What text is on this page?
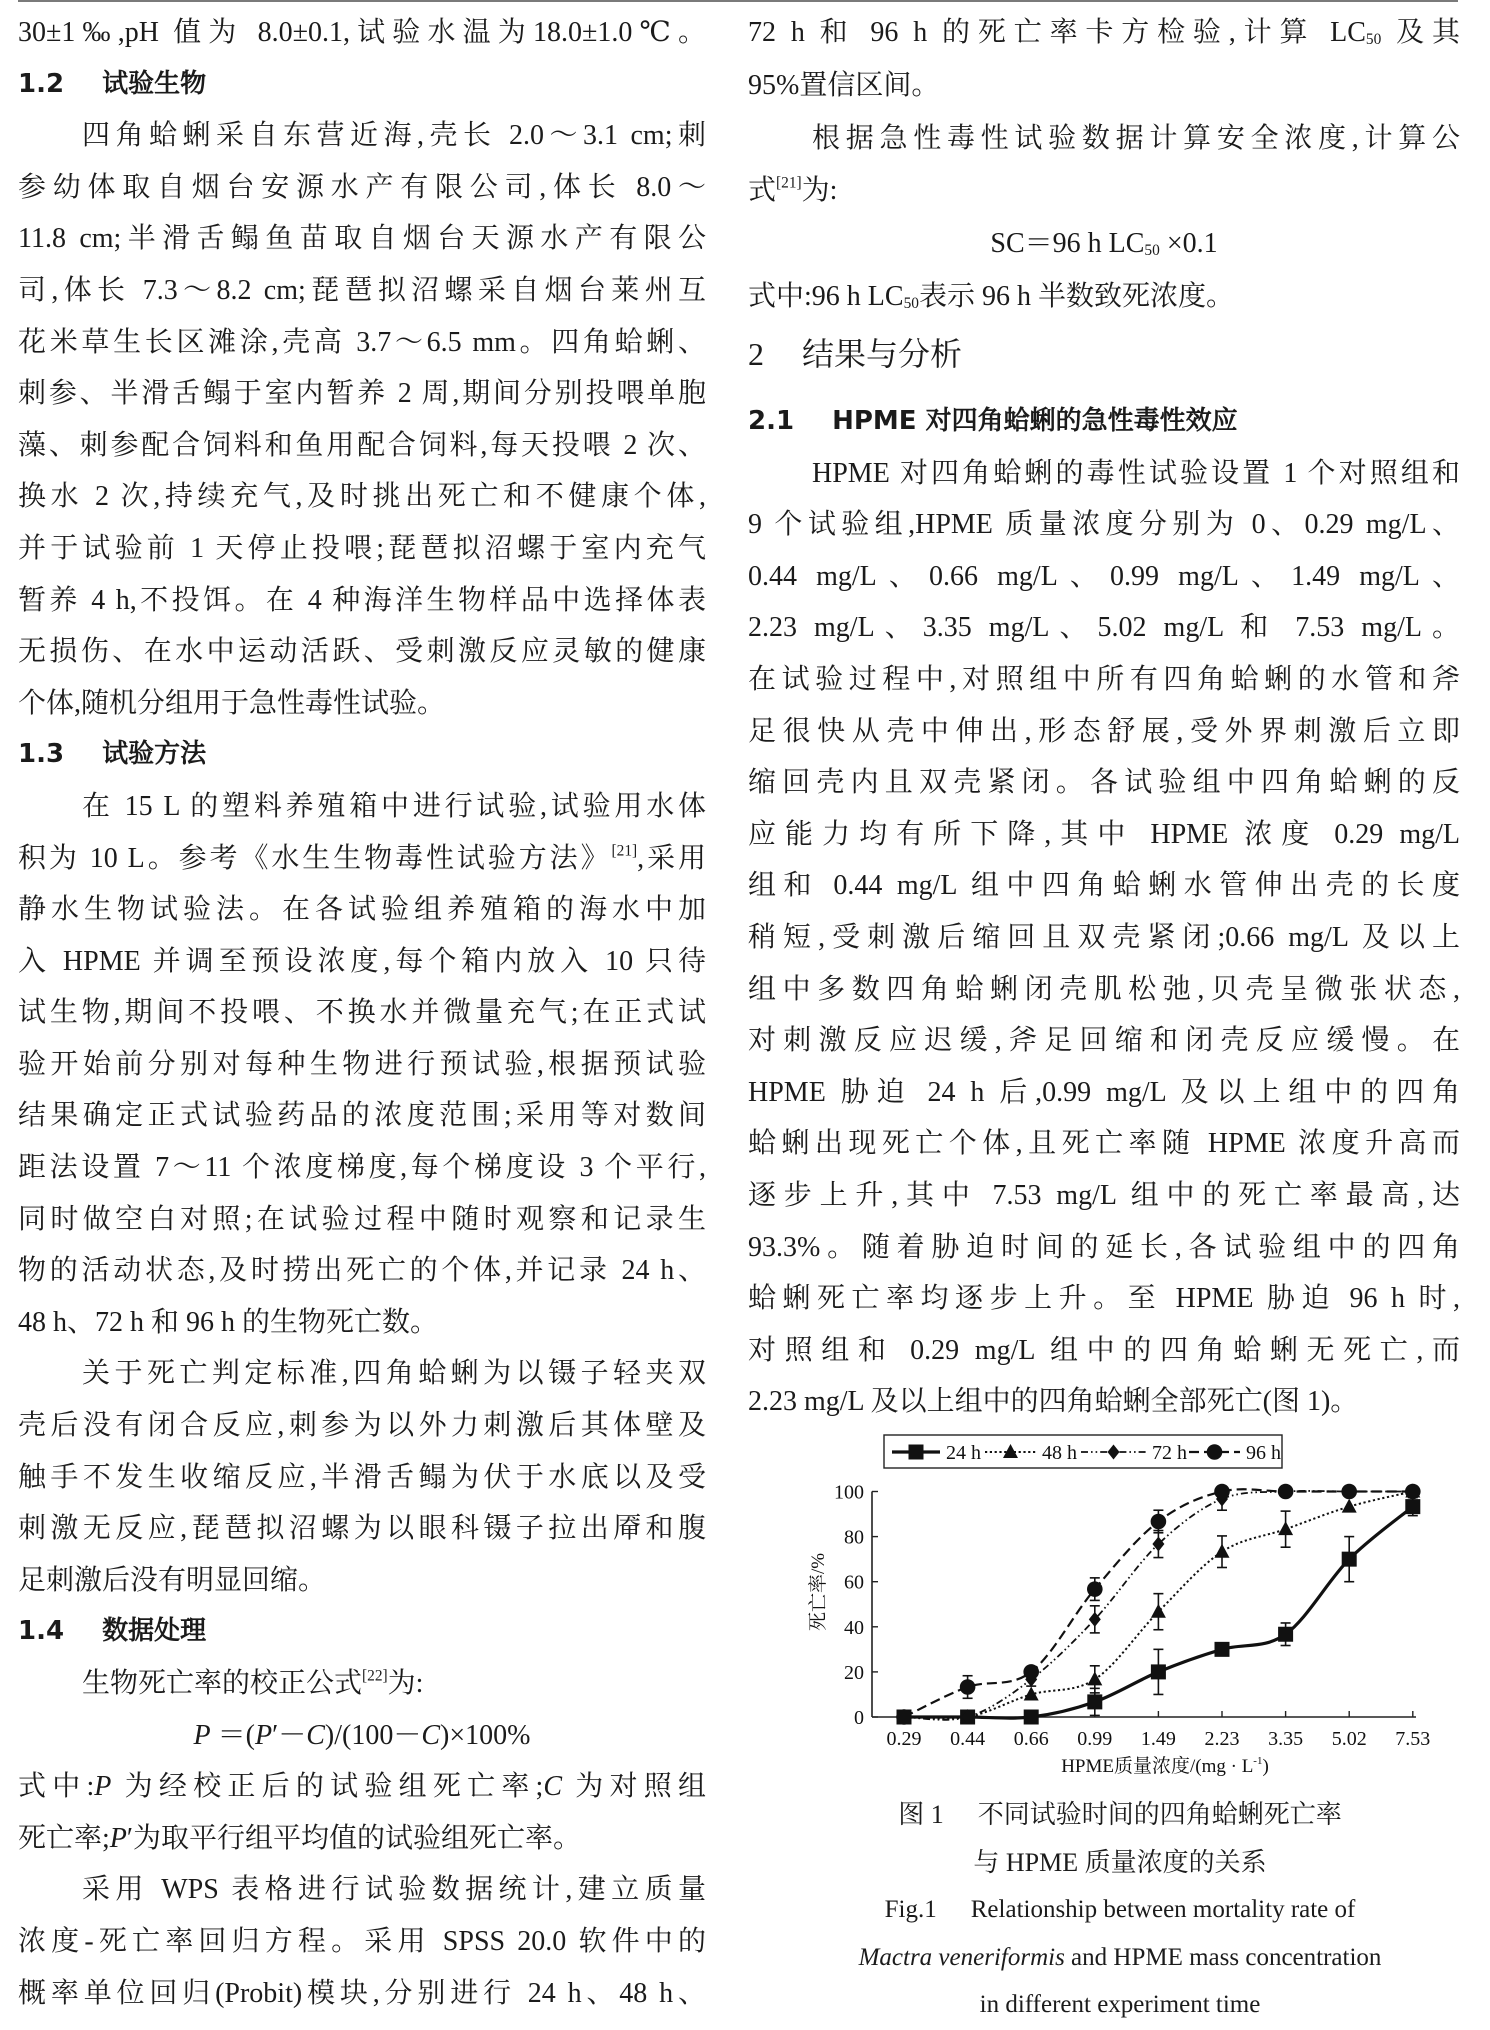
30±1‰,pH 值为 8.0±0.1,试验水温为18.0±1.0℃。
1.2 试验生物
四角蛤蜊采自东营近海,壳长 2.0～3.1 cm;刺
参幼体取自烟台安源水产有限公司,体长 8.0～
11.8 cm;半滑舌鳎鱼苗取自烟台天源水产有限公
司,体长 7.3～8.2 cm;琵琶拟沼螺采自烟台莱州互
花米草生长区滩涂,壳高 3.7～6.5 mm。四角蛤蜊、
刺参、半滑舌鳎于室内暂养 2 周,期间分别投喂单胞
藻、刺参配合饲料和鱼用配合饲料,每天投喂 2 次、
换水 2 次,持续充气,及时挑出死亡和不健康个体,
并于试验前 1 天停止投喂;琵琶拟沼螺于室内充气
暂养 4 h,不投饵。在 4 种海洋生物样品中选择体表
无损伤、在水中运动活跃、受刺激反应灵敏的健康
个体,随机分组用于急性毒性试验。
1.3 试验方法
在 15 L 的塑料养殖箱中进行试验,试验用水体
积为 10 L。参考《水生生物毒性试验方法》[21],采用
静水生物试验法。在各试验组养殖箱的海水中加
入 HPME 并调至预设浓度,每个箱内放入 10 只待
试生物,期间不投喂、不换水并微量充气;在正式试
验开始前分别对每种生物进行预试验,根据预试验
结果确定正式试验药品的浓度范围;采用等对数间
距法设置 7～11 个浓度梯度,每个梯度设 3 个平行,
同时做空白对照;在试验过程中随时观察和记录生
物的活动状态,及时捞出死亡的个体,并记录 24 h、
48 h、72 h 和 96 h 的生物死亡数。
关于死亡判定标准,四角蛤蜊为以镊子轻夹双
壳后没有闭合反应,刺参为以外力刺激后其体壁及
触手不发生收缩反应,半滑舌鳎为伏于水底以及受
刺激无反应,琵琶拟沼螺为以眼科镊子拉出厣和腹
足刺激后没有明显回缩。
1.4 数据处理
生物死亡率的校正公式[22]为:
P ＝(P′－C)/(100－C)×100%
式中:P 为经校正后的试验组死亡率;C 为对照组
死亡率;P′为取平行组平均值的试验组死亡率。
采用 WPS 表格进行试验数据统计,建立质量
浓度-死亡率回归方程。采用 SPSS 20.0 软件中的
概率单位回归(Probit)模块,分别进行 24 h、48 h、
72 h 和 96 h 的死亡率卡方检验,计算 $LC_{50}$ 及其
95%置信区间。
根据急性毒性试验数据计算安全浓度,计算公
式[21]为:
SC＝96 h $LC_{50} \times 0.1$
式中:96 h $LC_{50}$表示 96 h 半数致死浓度。
2 结果与分析
2.1 HPME 对四角蛤蜊的急性毒性效应
HPME 对四角蛤蜊的毒性试验设置 1 个对照组和
9 个试验组,HPME 质量浓度分别为 0、0.29 mg/L、
0.44 mg/L、0.66 mg/L、0.99 mg/L、1.49 mg/L、
2.23 mg/L、3.35 mg/L、5.02 mg/L 和 7.53 mg/L。
在试验过程中,对照组中所有四角蛤蜊的水管和斧
足很快从壳中伸出,形态舒展,受外界刺激后立即
缩回壳内且双壳紧闭。各试验组中四角蛤蜊的反
应能力均有所下降,其中 HPME 浓度 0.29 mg/L
组和 0.44 mg/L 组中四角蛤蜊水管伸出壳的长度
稍短,受刺激后缩回且双壳紧闭;0.66 mg/L 及以上
组中多数四角蛤蜊闭壳肌松弛,贝壳呈微张状态,
对刺激反应迟缓,斧足回缩和闭壳反应缓慢。在
HPME 胁迫 24 h 后,0.99 mg/L 及以上组中的四角
蛤蜊出现死亡个体,且死亡率随 HPME 浓度升高而
逐步上升,其中 7.53 mg/L 组中的死亡率最高,达
93.3%。随着胁迫时间的延长,各试验组中的四角
蛤蜊死亡率均逐步上升。至 HPME 胁迫 96 h 时,
对照组和 0.29 mg/L 组中的四角蛤蜊无死亡,而
2.23 mg/L 及以上组中的四角蛤蜊全部死亡(图 1)。
24 h	48 h	72 h	96 h
0
20
40
60
80
100
0.29 0.44 0.66 0.99 1.49 2.23 3.35 5.02 7.53
死亡率/%
HPME质量浓度$/(mg \cdot L^{-1})$
图 1 不同试验时间的四角蛤蜊死亡率
与 HPME 质量浓度的关系
Fig.1 Relationship between mortality rate of
Mactra veneriformis and HPME mass concentration
in different experiment time
